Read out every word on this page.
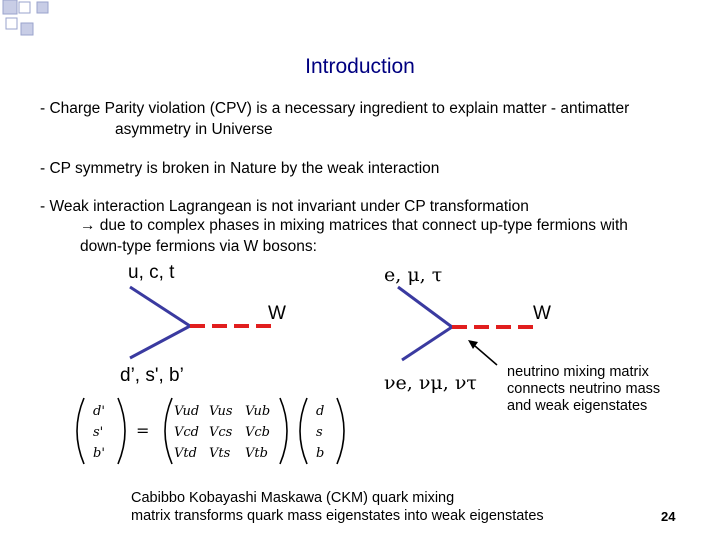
Introduction
- Charge Parity violation (CPV) is a necessary ingredient to explain matter - antimatter
asymmetry in Universe
- CP symmetry is broken in Nature by the weak interaction
- Weak interaction Lagrangean is not invariant under CP transformation
→ due to complex phases in mixing matrices that connect up-type fermions with
down-type fermions via W bosons:
u, c, t
W
d’, s', b’
e, μ, τ
W
νe, νμ, ντ neutrino mixing matrix
connects neutrino mass
and weak eigenstates
d'
s'
b'
=
Vud Vus Vub
Vcd Vcs Vcb
Vtd Vts Vtb
d
s
b
Cabibbo Kobayashi Maskawa (CKM) quark mixing
matrix transforms quark mass eigenstates into weak eigenstates	24
